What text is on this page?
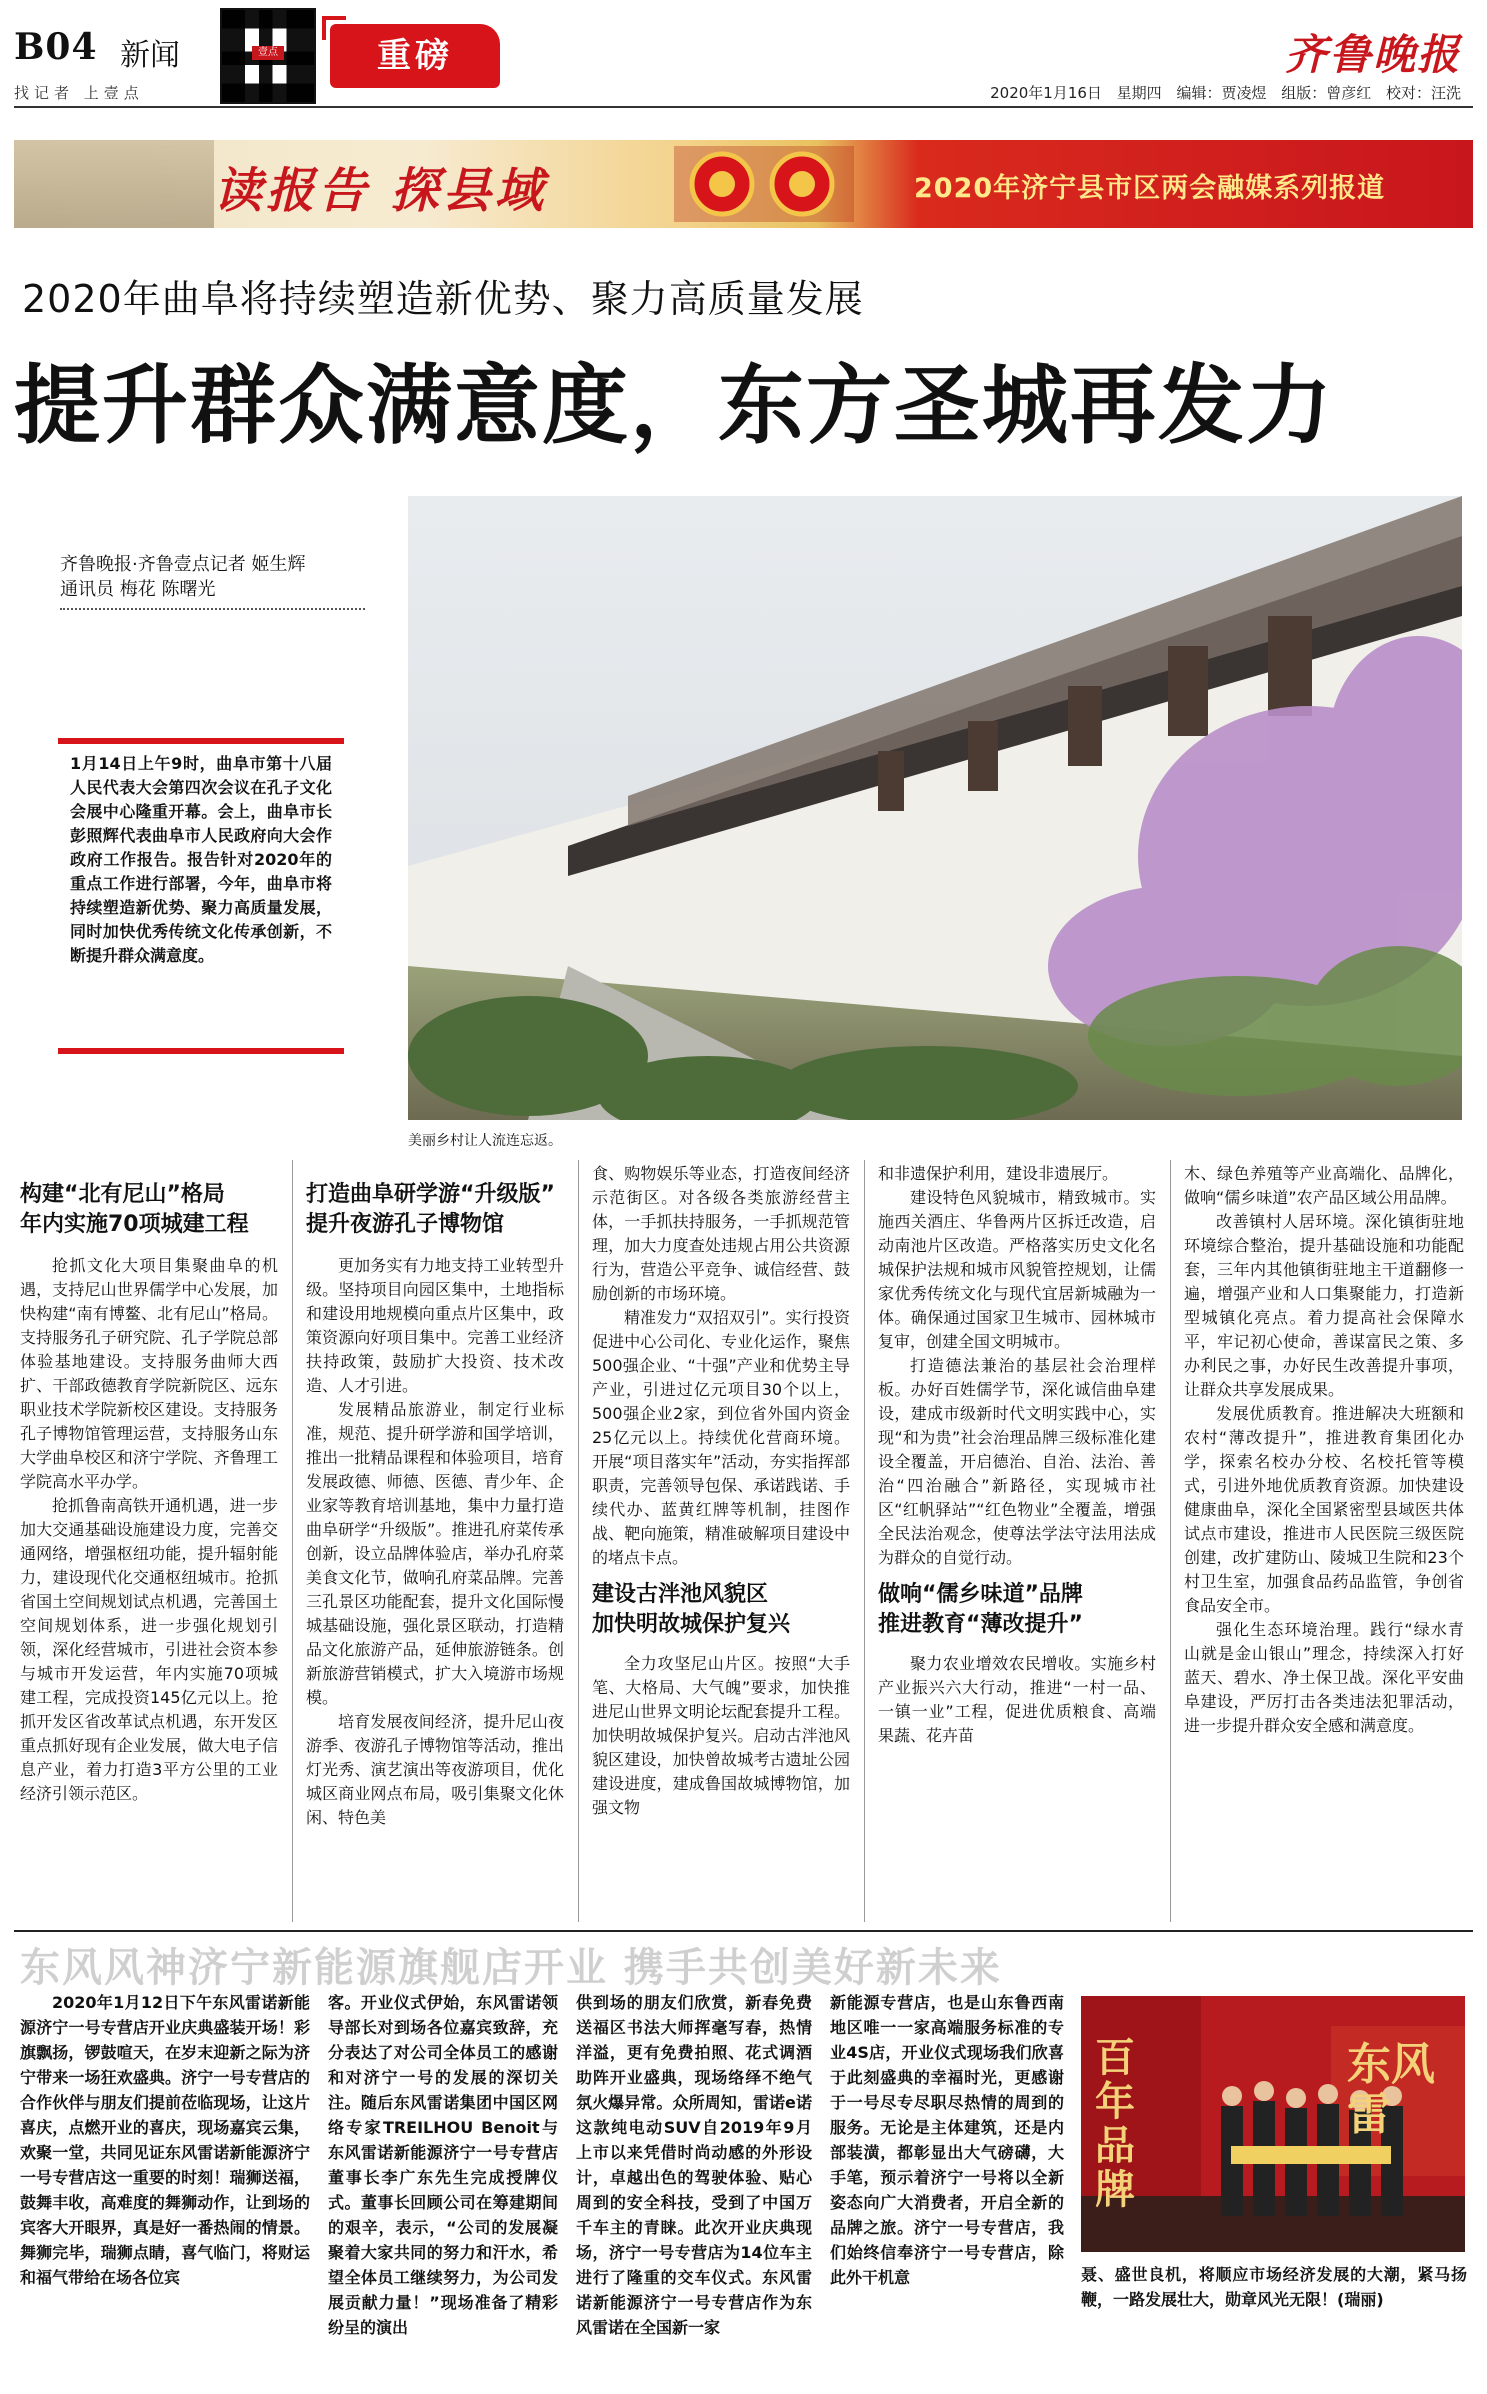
B04 新闻
找记者 上壹点
壹点	重磅	齐鲁晚报
2020年1月16日 星期四 编辑：贾凌煜 组版：曾彦红 校对：汪洗
读报告 探县域	2020年济宁县市区两会融媒系列报道
2020年曲阜将持续塑造新优势、聚力高质量发展
提升群众满意度，东方圣城再发力
齐鲁晚报·齐鲁壹点记者 姬生辉
通讯员 梅花 陈曙光
1月14日上午9时，曲阜市第十八届人民代表大会第四次会议在孔子文化会展中心隆重开幕。会上，曲阜市长彭照辉代表曲阜市人民政府向大会作政府工作报告。报告针对2020年的重点工作进行部署，今年，曲阜市将持续塑造新优势、聚力高质量发展，同时加快优秀传统文化传承创新，不断提升群众满意度。
美丽乡村让人流连忘返。
构建“北有尼山”格局
年内实施70项城建工程

抢抓文化大项目集聚曲阜的机遇，支持尼山世界儒学中心发展，加快构建“南有博鳌、北有尼山”格局。支持服务孔子研究院、孔子学院总部体验基地建设。支持服务曲师大西扩、干部政德教育学院新院区、远东职业技术学院新校区建设。支持服务孔子博物馆管理运营，支持服务山东大学曲阜校区和济宁学院、齐鲁理工学院高水平办学。

抢抓鲁南高铁开通机遇，进一步加大交通基础设施建设力度，完善交通网络，增强枢纽功能，提升辐射能力，建设现代化交通枢纽城市。抢抓省国土空间规划试点机遇，完善国土空间规划体系，进一步强化规划引领，深化经营城市，引进社会资本参与城市开发运营，年内实施70项城建工程，完成投资145亿元以上。抢抓开发区省改革试点机遇，东开发区重点抓好现有企业发展，做大电子信息产业，着力打造3平方公里的工业经济引领示范区。

打造曲阜研学游“升级版”
提升夜游孔子博物馆

更加务实有力地支持工业转型升级。坚持项目向园区集中，土地指标和建设用地规模向重点片区集中，政策资源向好项目集中。完善工业经济扶持政策，鼓励扩大投资、技术改造、人才引进。

发展精品旅游业，制定行业标准，规范、提升研学游和国学培训，推出一批精品课程和体验项目，培育发展政德、师德、医德、青少年、企业家等教育培训基地，集中力量打造曲阜研学“升级版”。推进孔府菜传承创新，设立品牌体验店，举办孔府菜美食文化节，做响孔府菜品牌。完善三孔景区功能配套，提升文化国际慢城基础设施，强化景区联动，打造精品文化旅游产品，延伸旅游链条。创新旅游营销模式，扩大入境游市场规模。

培育发展夜间经济，提升尼山夜游季、夜游孔子博物馆等活动，推出灯光秀、演艺演出等夜游项目，优化城区商业网点布局，吸引集聚文化休闲、特色美

食、购物娱乐等业态，打造夜间经济示范街区。对各级各类旅游经营主体，一手抓扶持服务，一手抓规范管理，加大力度查处违规占用公共资源行为，营造公平竞争、诚信经营、鼓励创新的市场环境。

精准发力“双招双引”。实行投资促进中心公司化、专业化运作，聚焦500强企业、“十强”产业和优势主导产业，引进过亿元项目30个以上，500强企业2家，到位省外国内资金25亿元以上。持续优化营商环境。开展“项目落实年”活动，夯实指挥部职责，完善领导包保、承诺践诺、手续代办、蓝黄红牌等机制，挂图作战、靶向施策，精准破解项目建设中的堵点卡点。

建设古泮池风貌区
加快明故城保护复兴

全力攻坚尼山片区。按照“大手笔、大格局、大气魄”要求，加快推进尼山世界文明论坛配套提升工程。加快明故城保护复兴。启动古泮池风貌区建设，加快曾故城考古遗址公园建设进度，建成鲁国故城博物馆，加强文物

和非遗保护利用，建设非遗展厅。

建设特色风貌城市，精致城市。实施西关酒庄、华鲁两片区拆迁改造，启动南池片区改造。严格落实历史文化名城保护法规和城市风貌管控规划，让儒家优秀传统文化与现代宜居新城融为一体。确保通过国家卫生城市、园林城市复审，创建全国文明城市。

打造德法兼治的基层社会治理样板。办好百姓儒学节，深化诚信曲阜建设，建成市级新时代文明实践中心，实现“和为贵”社会治理品牌三级标准化建设全覆盖，开启德治、自治、法治、善治“四治融合”新路径，实现城市社区“红帆驿站”“红色物业”全覆盖，增强全民法治观念，使尊法学法守法用法成为群众的自觉行动。

做响“儒乡味道”品牌
推进教育“薄改提升”

聚力农业增效农民增收。实施乡村产业振兴六大行动，推进“一村一品、一镇一业”工程，促进优质粮食、高端果蔬、花卉苗

木、绿色养殖等产业高端化、品牌化，做响“儒乡味道”农产品区域公用品牌。

改善镇村人居环境。深化镇街驻地环境综合整治，提升基础设施和功能配套，三年内其他镇街驻地主干道翻修一遍，增强产业和人口集聚能力，打造新型城镇化亮点。着力提高社会保障水平，牢记初心使命，善谋富民之策、多办利民之事，办好民生改善提升事项，让群众共享发展成果。

发展优质教育。推进解决大班额和农村“薄改提升”，推进教育集团化办学，探索名校办分校、名校托管等模式，引进外地优质教育资源。加快建设健康曲阜，深化全国紧密型县域医共体试点市建设，推进市人民医院三级医院创建，改扩建防山、陵城卫生院和23个村卫生室，加强食品药品监管，争创省食品安全市。

强化生态环境治理。践行“绿水青山就是金山银山”理念，持续深入打好蓝天、碧水、净土保卫战。深化平安曲阜建设，严厉打击各类违法犯罪活动，进一步提升群众安全感和满意度。

东风风神济宁新能源旗舰店开业 携手共创美好新未来

2020年1月12日下午东风雷诺新能源济宁一号专营店开业庆典盛装开场！彩旗飘扬，锣鼓喧天，在岁末迎新之际为济宁带来一场狂欢盛典。济宁一号专营店的合作伙伴与朋友们提前莅临现场，让这片喜庆，点燃开业的喜庆，现场嘉宾云集，欢聚一堂，共同见证东风雷诺新能源济宁一号专营店这一重要的时刻！瑞狮送福，鼓舞丰收，高难度的舞狮动作，让到场的宾客大开眼界，真是好一番热闹的情景。舞狮完毕，瑞狮点睛，喜气临门，将财运和福气带给在场各位宾

客。开业仪式伊始，东风雷诺领导部长对到场各位嘉宾致辞，充分表达了对公司全体员工的感谢和对济宁一号的发展的深切关注。随后东风雷诺集团中国区网络专家TREILHOU Benoit与东风雷诺新能源济宁一号专营店董事长李广东先生完成授牌仪式。董事长回顾公司在筹建期间的艰辛，表示，“公司的发展凝聚着大家共同的努力和汗水，希望全体员工继续努力，为公司发展贡献力量！”现场准备了精彩纷呈的演出

供到场的朋友们欣赏，新春免费送福区书法大师挥毫写春，热情洋溢，更有免费拍照、花式调酒助阵开业盛典，现场络绎不绝气氛火爆异常。众所周知，雷诺e诺这款纯电动SUV自2019年9月上市以来凭借时尚动感的外形设计，卓越出色的驾驶体验、贴心周到的安全科技，受到了中国万千车主的青睐。此次开业庆典现场，济宁一号专营店为14位车主进行了隆重的交车仪式。东风雷诺新能源济宁一号专营店作为东风雷诺在全国新一家

新能源专营店，也是山东鲁西南地区唯一一家高端服务标准的专业4S店，开业仪式现场我们欣喜于此刻盛典的幸福时光，更感谢于一号尽专尽职尽热情的周到的服务。无论是主体建筑，还是内部装潢，都彰显出大气磅礴，大手笔，预示着济宁一号将以全新姿态向广大消费者，开启全新的品牌之旅。济宁一号专营店，我们始终信奉济宁一号专营店，除此外干机意

百年品牌
东风雷
聂、盛世良机，将顺应市场经济发展的大潮，紧马扬鞭，一路发展壮大，勋章风光无限！(瑞丽)
